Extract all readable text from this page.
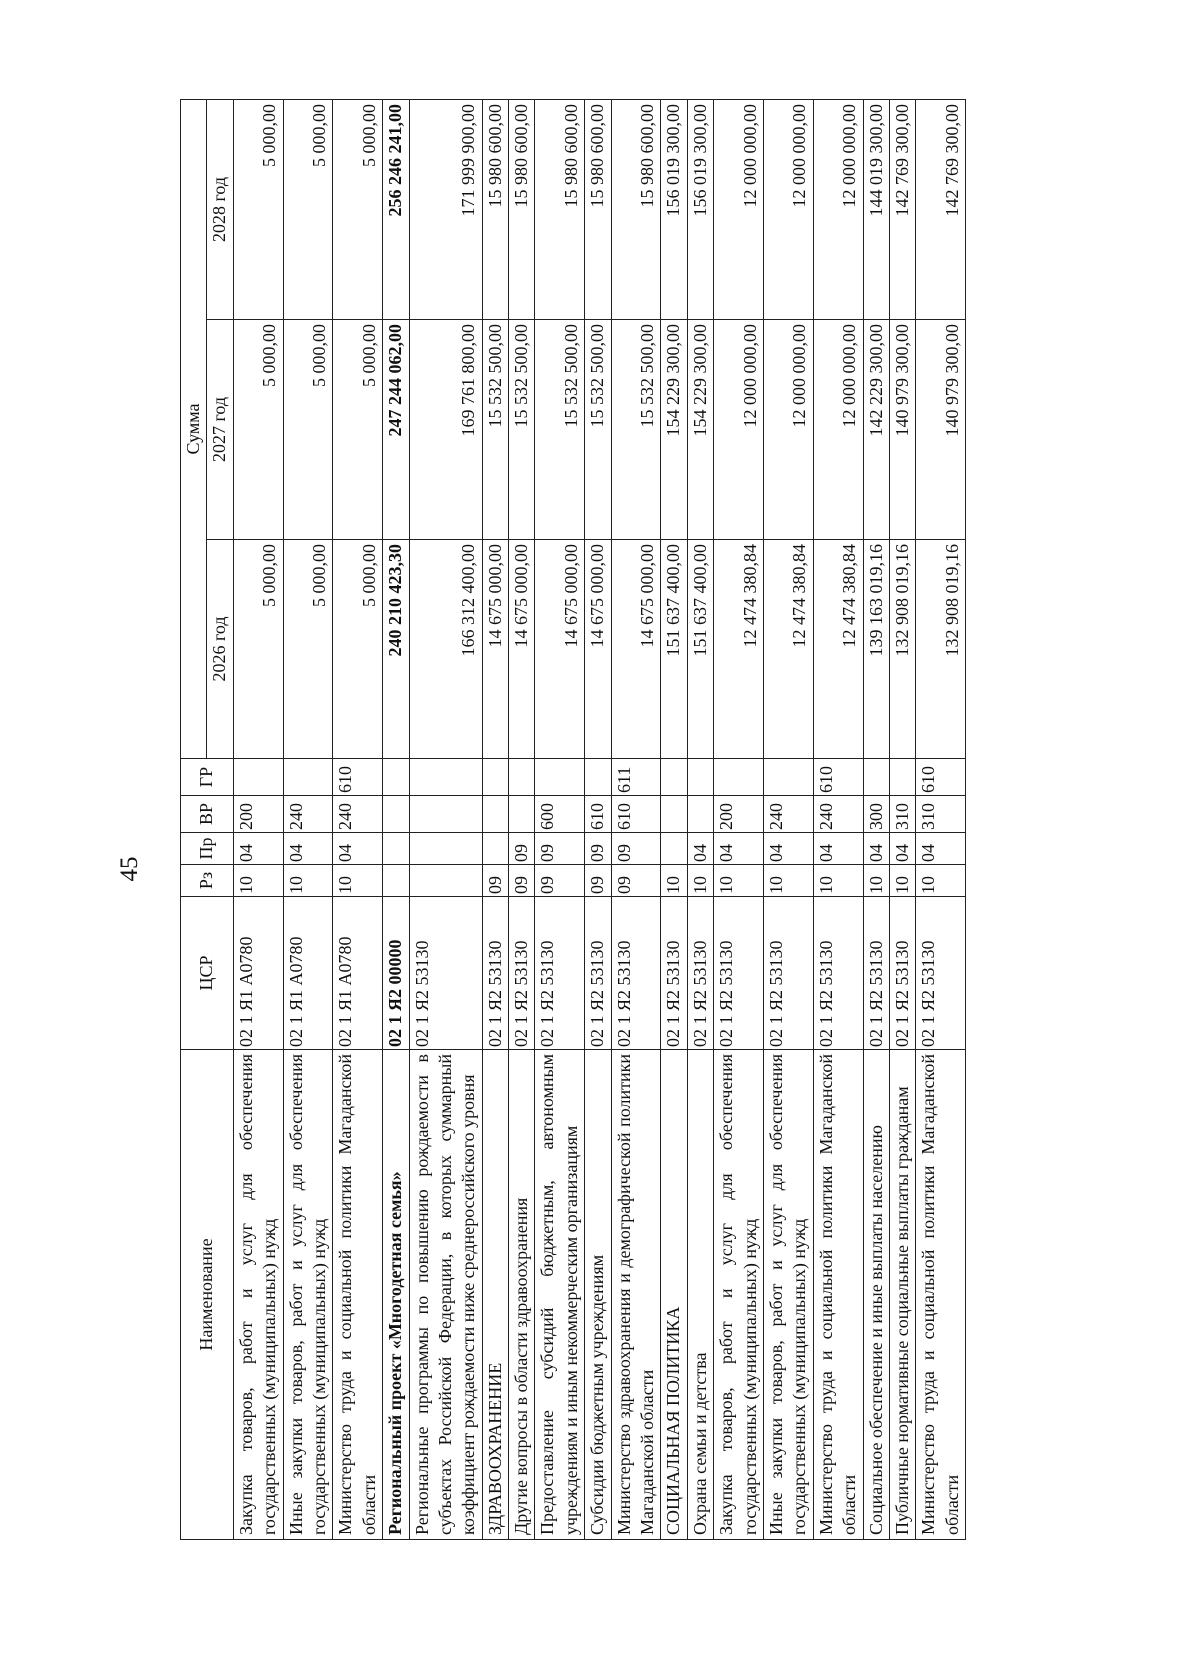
45
Наименование	ЦСР	Рз	Пр	ВР	ГР	Сумма		
						2026 год	2027 год	2028 год
Закупка товаров, работ и услуг для обеспечения государственных (муниципальных) нужд	02 1 Я1 А0780	10	04	200		5 000,00	5 000,00	5 000,00
Иные закупки товаров, работ и услуг для обеспечения государственных (муниципальных) нужд	02 1 Я1 А0780	10	04	240		5 000,00	5 000,00	5 000,00
Министерство труда и социальной политики Магаданской области	02 1 Я1 А0780	10	04	240	610	5 000,00	5 000,00	5 000,00
Региональный проект «Многодетная семья»	02 1 Я2 00000					240 210 423,30	247 244 062,00	256 246 241,00
Региональные программы по повышению рождаемости в субъектах Российской Федерации, в которых суммарный коэффициент рождаемости ниже среднероссийского уровня	02 1 Я2 53130					166 312 400,00	169 761 800,00	171 999 900,00
ЗДРАВООХРАНЕНИЕ	02 1 Я2 53130	09				14 675 000,00	15 532 500,00	15 980 600,00
Другие вопросы в области здравоохранения	02 1 Я2 53130	09	09			14 675 000,00	15 532 500,00	15 980 600,00
Предоставление субсидий бюджетным, автономным учреждениям и иным некоммерческим организациям	02 1 Я2 53130	09	09	600		14 675 000,00	15 532 500,00	15 980 600,00
Субсидии бюджетным учреждениям	02 1 Я2 53130	09	09	610		14 675 000,00	15 532 500,00	15 980 600,00
Министерство здравоохранения и демографической политики Магаданской области	02 1 Я2 53130	09	09	610	611	14 675 000,00	15 532 500,00	15 980 600,00
СОЦИАЛЬНАЯ ПОЛИТИКА	02 1 Я2 53130	10				151 637 400,00	154 229 300,00	156 019 300,00
Охрана семьи и детства	02 1 Я2 53130	10	04			151 637 400,00	154 229 300,00	156 019 300,00
Закупка товаров, работ и услуг для обеспечения государственных (муниципальных) нужд	02 1 Я2 53130	10	04	200		12 474 380,84	12 000 000,00	12 000 000,00
Иные закупки товаров, работ и услуг для обеспечения государственных (муниципальных) нужд	02 1 Я2 53130	10	04	240		12 474 380,84	12 000 000,00	12 000 000,00
Министерство труда и социальной политики Магаданской области	02 1 Я2 53130	10	04	240	610	12 474 380,84	12 000 000,00	12 000 000,00
Социальное обеспечение и иные выплаты населению	02 1 Я2 53130	10	04	300		139 163 019,16	142 229 300,00	144 019 300,00
Публичные нормативные социальные выплаты гражданам	02 1 Я2 53130	10	04	310		132 908 019,16	140 979 300,00	142 769 300,00
Министерство труда и социальной политики Магаданской области	02 1 Я2 53130	10	04	310	610	132 908 019,16	140 979 300,00	142 769 300,00
